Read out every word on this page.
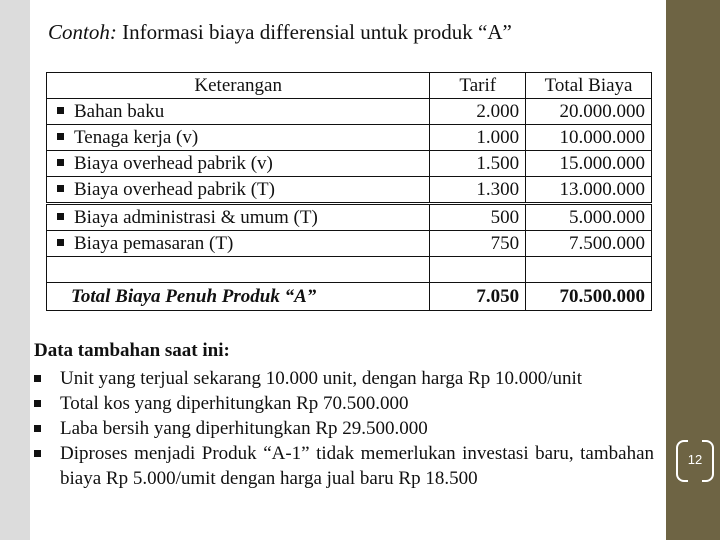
12
Contoh: Informasi biaya differensial untuk produk “A”
Keterangan	Tarif	Total Biaya
Bahan baku	2.000	20.000.000
Tenaga kerja (v)	1.000	10.000.000
Biaya overhead pabrik (v)	1.500	15.000.000
Biaya overhead pabrik (T)	1.300	13.000.000
Biaya administrasi & umum (T)	500	5.000.000
Biaya pemasaran (T)	750	7.500.000

Total Biaya Penuh Produk “A”	7.050	70.500.000
Data tambahan saat ini:
Unit yang terjual sekarang 10.000 unit, dengan harga Rp 10.000/unit
Total kos yang diperhitungkan Rp 70.500.000
Laba bersih yang diperhitungkan Rp 29.500.000
Diproses menjadi Produk “A-1” tidak memerlukan investasi baru, tambahan biaya Rp 5.000/umit dengan harga jual baru Rp 18.500
